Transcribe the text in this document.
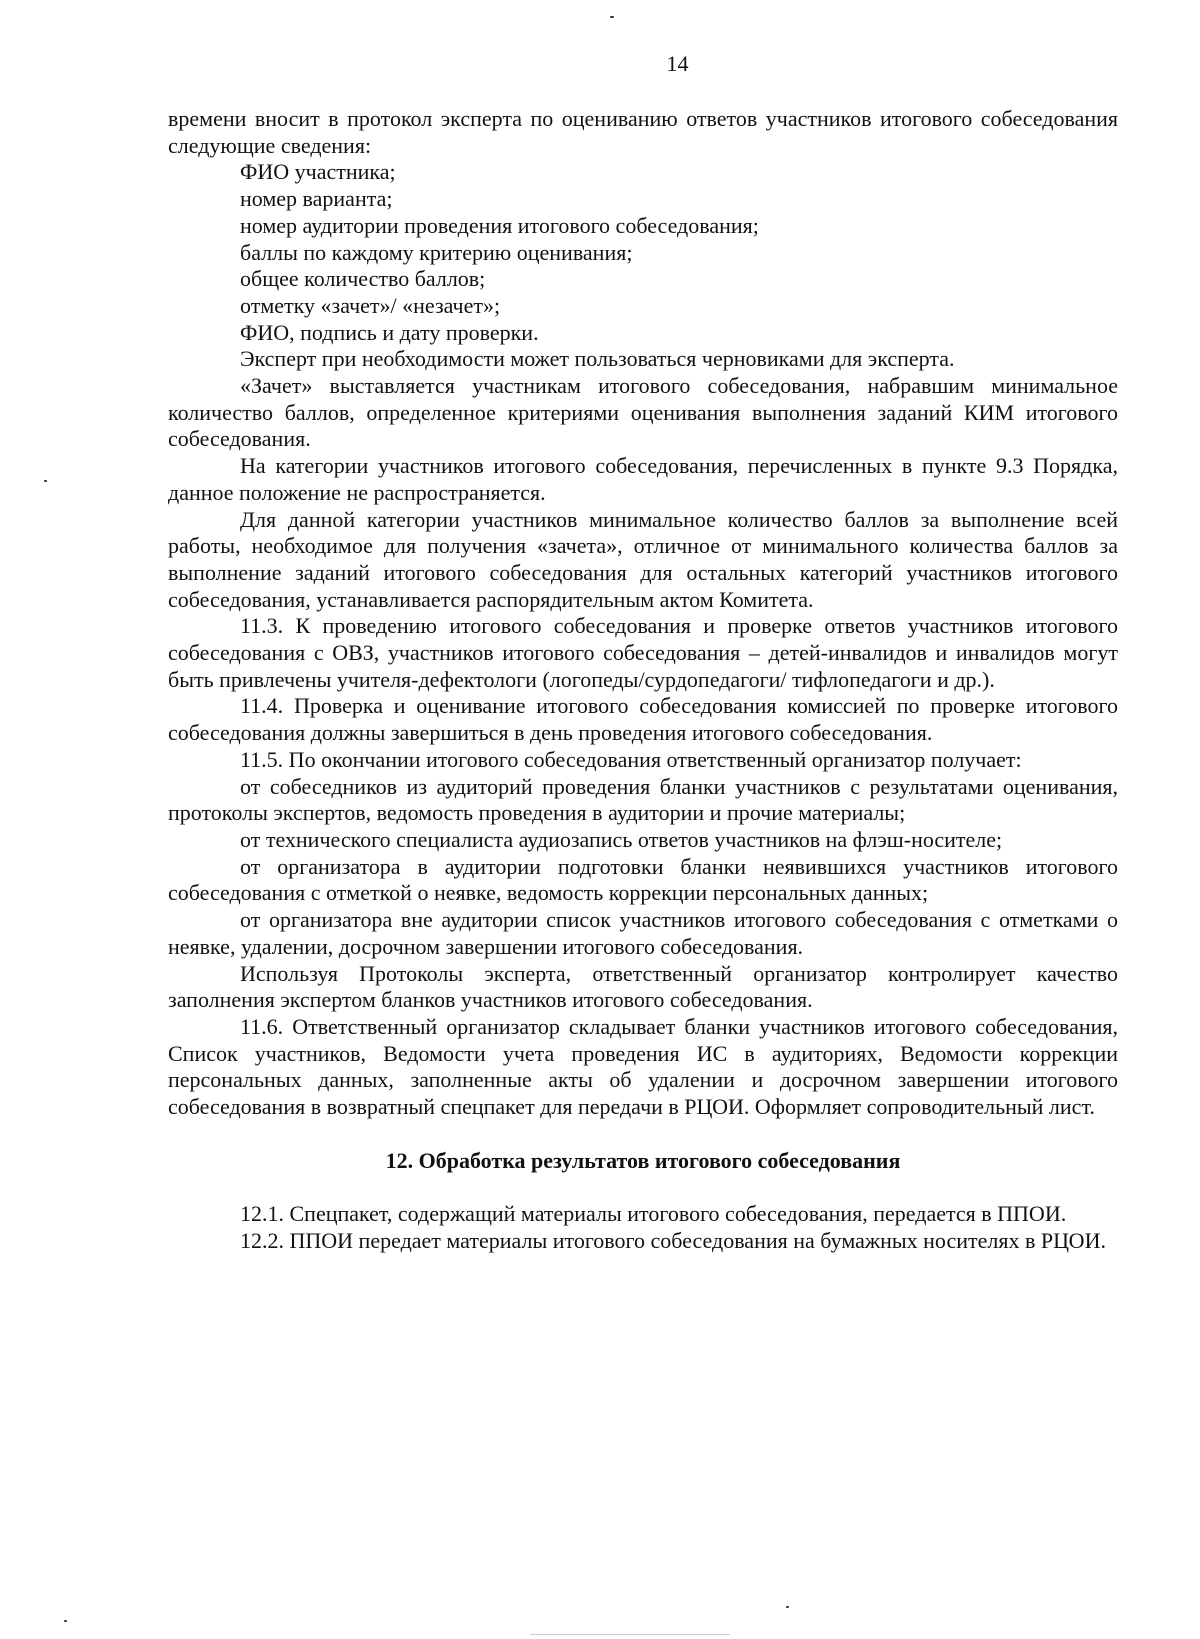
14

времени вносит в протокол эксперта по оцениванию ответов участников итогового собеседования следующие сведения:

ФИО участника;

номер варианта;

номер аудитории проведения итогового собеседования;

баллы по каждому критерию оценивания;

общее количество баллов;

отметку «зачет»/ «незачет»;

ФИО, подпись и дату проверки.

Эксперт при необходимости может пользоваться черновиками для эксперта.

«Зачет» выставляется участникам итогового собеседования, набравшим минимальное количество баллов, определенное критериями оценивания выполнения заданий КИМ итогового собеседования.

На категории участников итогового собеседования, перечисленных в пункте 9.3 Порядка, данное положение не распространяется.

Для данной категории участников минимальное количество баллов за выполнение всей работы, необходимое для получения «зачета», отличное от минимального количества баллов за выполнение заданий итогового собеседования для остальных категорий участников итогового собеседования, устанавливается распорядительным актом Комитета.

11.3. К проведению итогового собеседования и проверке ответов участников итогового собеседования с ОВЗ, участников итогового собеседования – детей-инвалидов и инвалидов могут быть привлечены учителя-дефектологи (логопеды/сурдопедагоги/ тифлопедагоги и др.).

11.4. Проверка и оценивание итогового собеседования комиссией по проверке итогового собеседования должны завершиться в день проведения итогового собеседования.

11.5. По окончании итогового собеседования ответственный организатор получает:

от собеседников из аудиторий проведения бланки участников с результатами оценивания, протоколы экспертов, ведомость проведения в аудитории и прочие материалы;

от технического специалиста аудиозапись ответов участников на флэш-носителе;

от организатора в аудитории подготовки бланки неявившихся участников итогового собеседования с отметкой о неявке, ведомость коррекции персональных данных;

от организатора вне аудитории список участников итогового собеседования с отметками о неявке, удалении, досрочном завершении итогового собеседования.

Используя Протоколы эксперта, ответственный организатор контролирует качество заполнения экспертом бланков участников итогового собеседования.

11.6. Ответственный организатор складывает бланки участников итогового собеседования, Список участников, Ведомости учета проведения ИС в аудиториях, Ведомости коррекции персональных данных, заполненные акты об удалении и досрочном завершении итогового собеседования в возвратный спецпакет для передачи в РЦОИ. Оформляет сопроводительный лист.

12. Обработка результатов итогового собеседования

12.1. Спецпакет, содержащий материалы итогового собеседования, передается в ППОИ.

12.2. ППОИ передает материалы итогового собеседования на бумажных носителях в РЦОИ.
